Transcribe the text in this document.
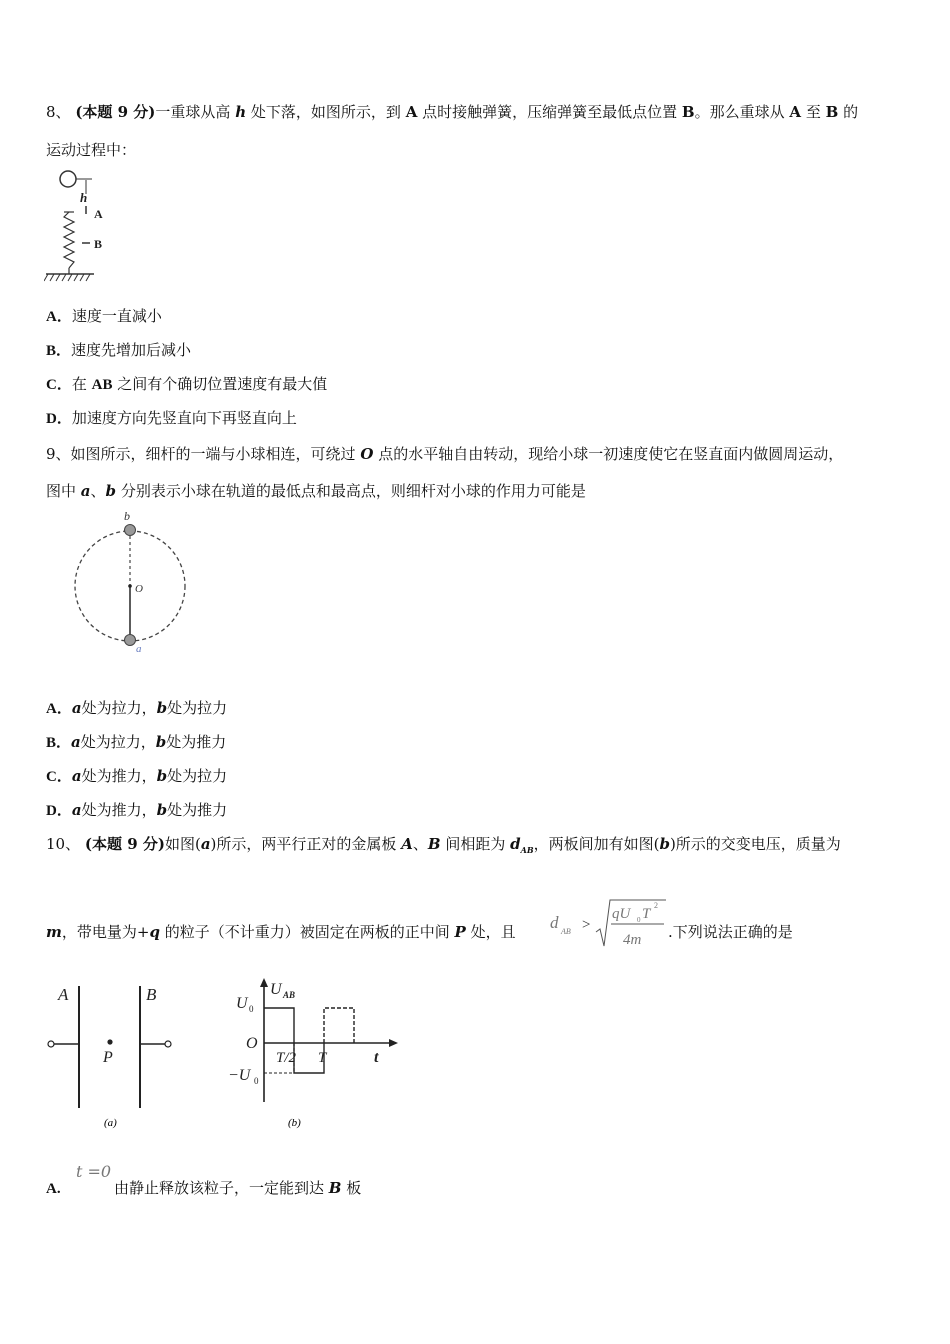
8、 (本题 9 分)一重球从高 h 处下落，如图所示，到 A 点时接触弹簧，压缩弹簧至最低点位置 B。那么重球从 A 至 B 的
运动过程中：
h
A
B
A．速度一直减小
B．速度先增加后减小
C．在 AB 之间有个确切位置速度有最大值
D．加速度方向先竖直向下再竖直向上
9、如图所示，细杆的一端与小球相连，可绕过 O 点的水平轴自由转动，现给小球一初速度使它在竖直面内做圆周运动，
图中 a、b 分别表示小球在轨道的最低点和最高点，则细杆对小球的作用力可能是
b
O
a
A．a处为拉力，b处为拉力
B．a处为拉力，b处为推力
C．a处为推力，b处为拉力
D．a处为推力，b处为推力
10、 (本题 9 分)如图(a)所示，两平行正对的金属板 A、B 间相距为 $d_{AB}$，两板间加有如图(b)所示的交变电压，质量为
m，带电量为+q 的粒子（不计重力）被固定在两板的正中间 P 处，且 d AB >
qU 0 T
2
4m .下列说法正确的是
A	B
P
(a)
U AB
U 0
O
−U 0
T/2 T	t
(b)
A.
t =0
由静止释放该粒子，一定能到达 B 板
